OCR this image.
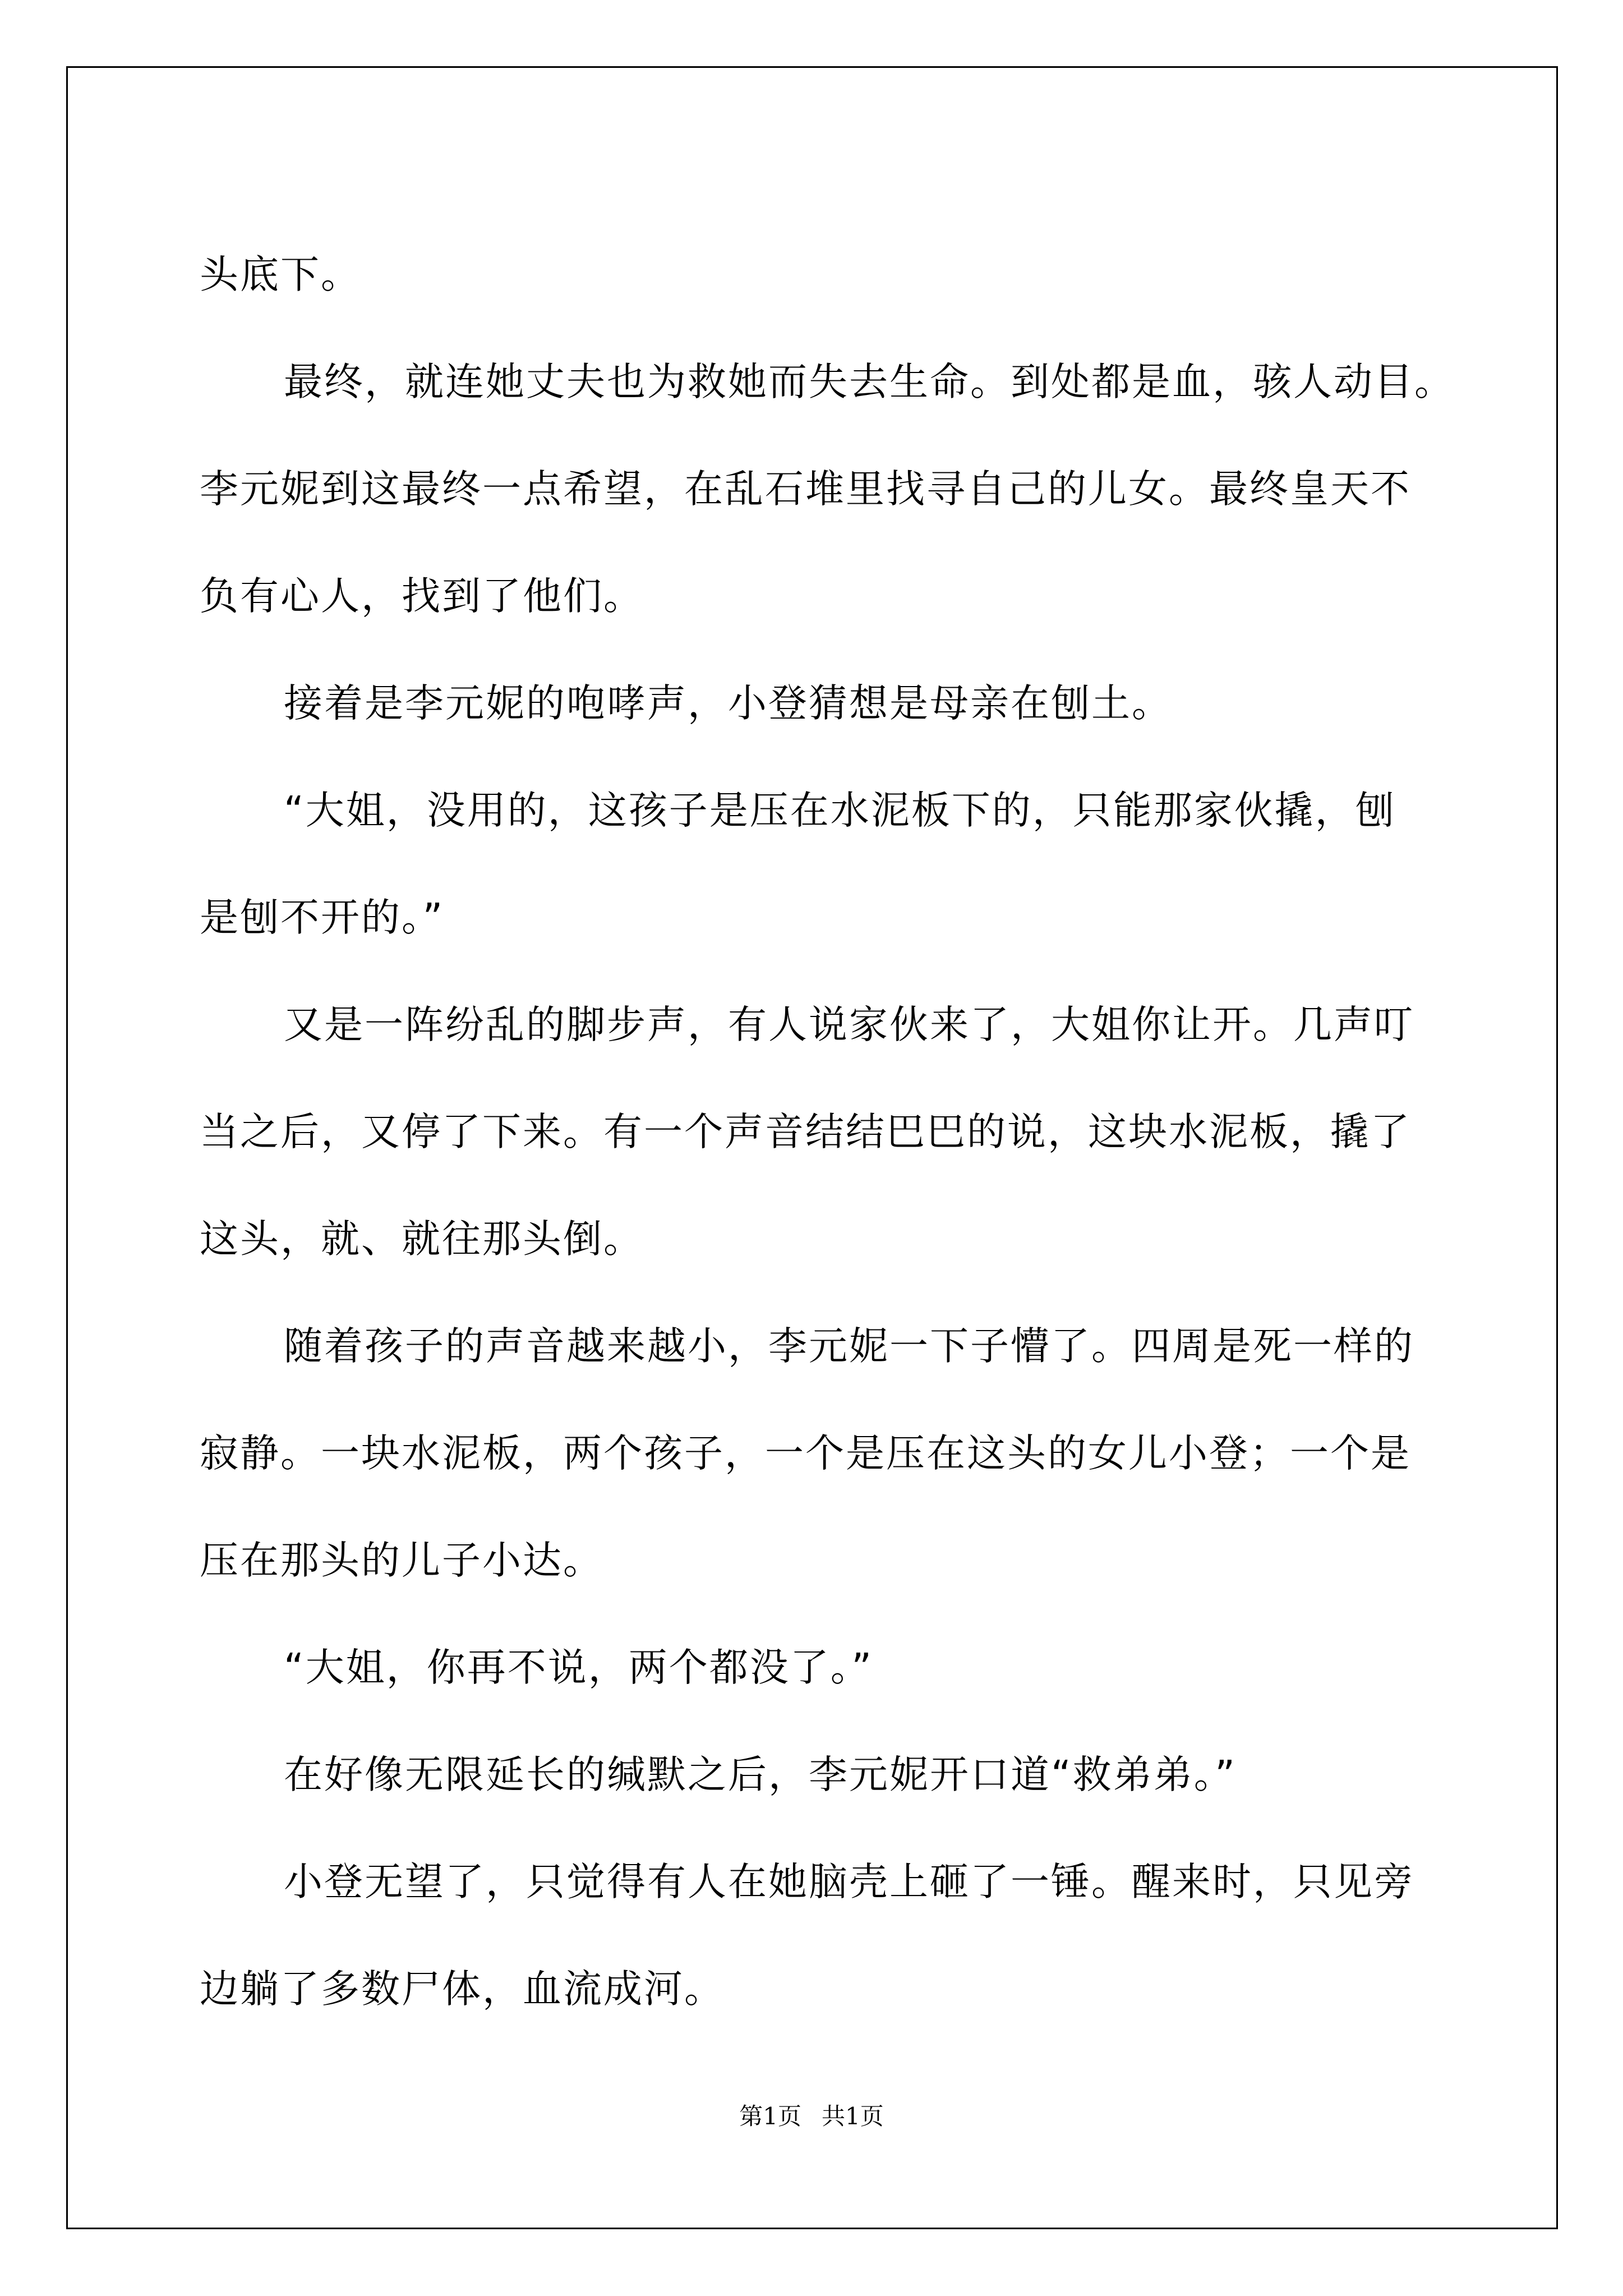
头底下。
最终，就连她丈夫也为救她而失去生命。到处都是血，骇人动目。
李元妮到这最终一点希望，在乱石堆里找寻自己的儿女。最终皇天不
负有心人，找到了他们。
接着是李元妮的咆哮声，小登猜想是母亲在刨土。
“大姐，没用的，这孩子是压在水泥板下的，只能那家伙撬，刨
是刨不开的。”
又是一阵纷乱的脚步声，有人说家伙来了，大姐你让开。几声叮
当之后，又停了下来。有一个声音结结巴巴的说，这块水泥板，撬了
这头，就、就往那头倒。
随着孩子的声音越来越小，李元妮一下子懵了。四周是死一样的
寂静。一块水泥板，两个孩子，一个是压在这头的女儿小登；一个是
压在那头的儿子小达。
“大姐，你再不说，两个都没了。”
在好像无限延长的缄默之后，李元妮开口道“救弟弟。”
小登无望了，只觉得有人在她脑壳上砸了一锤。醒来时，只见旁
边躺了多数尸体，血流成河。

第1页 共1页
